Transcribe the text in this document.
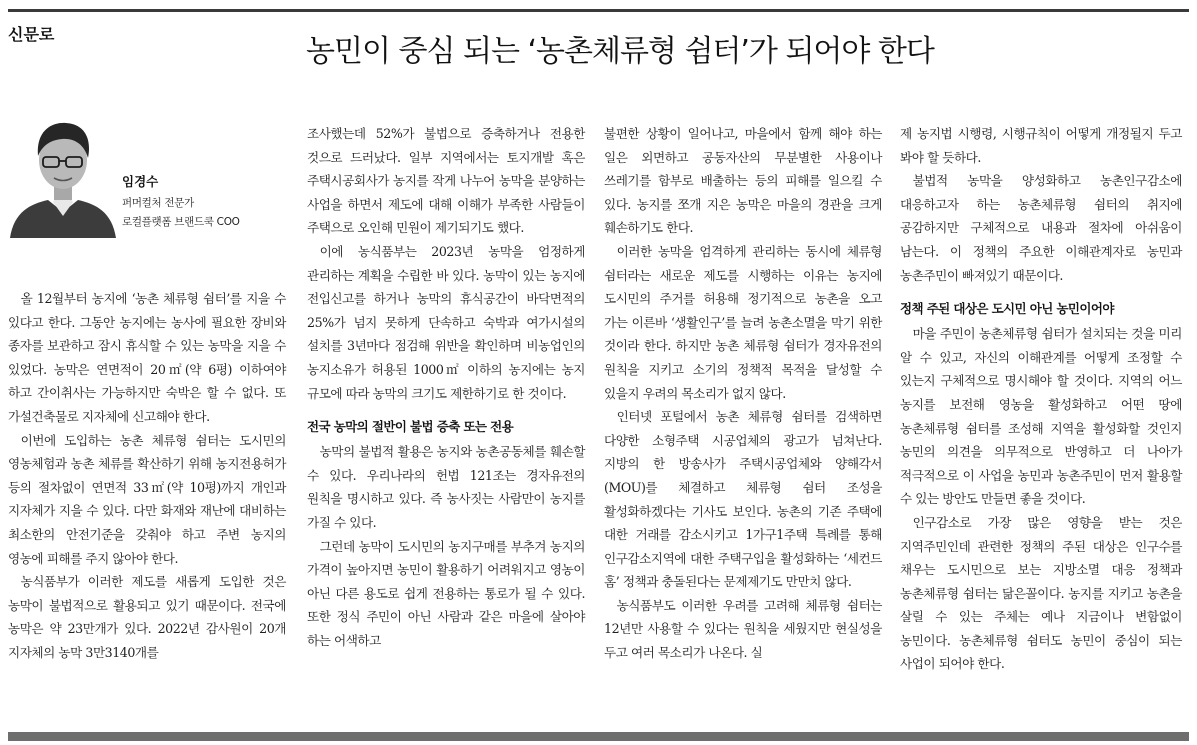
신문로	농민이 중심 되는 ‘농촌체류형 쉼터’가 되어야 한다
임경수
퍼머컬처 전문가
로컬플랫폼 브랜드쿡 COO

올 12월부터 농지에 ‘농촌 체류형 쉼터’를 지을 수 있다고 한다. 그동안 농지에는 농사에 필요한 장비와 종자를 보관하고 잠시 휴식할 수 있는 농막을 지을 수 있었다. 농막은 연면적이 20㎡(약 6평) 이하여야 하고 간이취사는 가능하지만 숙박은 할 수 없다. 또 가설건축물로 지자체에 신고해야 한다.

이번에 도입하는 농촌 체류형 쉼터는 도시민의 영농체험과 농촌 체류를 확산하기 위해 농지전용허가 등의 절차없이 연면적 33㎡(약 10평)까지 개인과 지자체가 지을 수 있다. 다만 화재와 재난에 대비하는 최소한의 안전기준을 갖춰야 하고 주변 농지의 영농에 피해를 주지 않아야 한다.

농식품부가 이러한 제도를 새롭게 도입한 것은 농막이 불법적으로 활용되고 있기 때문이다. 전국에 농막은 약 23만개가 있다. 2022년 감사원이 20개 지자체의 농막 3만3140개를

조사했는데 52%가 불법으로 증축하거나 전용한 것으로 드러났다. 일부 지역에서는 토지개발 혹은 주택시공회사가 농지를 작게 나누어 농막을 분양하는 사업을 하면서 제도에 대해 이해가 부족한 사람들이 주택으로 오인해 민원이 제기되기도 했다.

이에 농식품부는 2023년 농막을 엄정하게 관리하는 계획을 수립한 바 있다. 농막이 있는 농지에 전입신고를 하거나 농막의 휴식공간이 바닥면적의 25%가 넘지 못하게 단속하고 숙박과 여가시설의 설치를 3년마다 점검해 위반을 확인하며 비농업인의 농지소유가 허용된 1000㎡ 이하의 농지에는 농지 규모에 따라 농막의 크기도 제한하기로 한 것이다.

전국 농막의 절반이 불법 증축 또는 전용

농막의 불법적 활용은 농지와 농촌공동체를 훼손할 수 있다. 우리나라의 헌법 121조는 경자유전의 원칙을 명시하고 있다. 즉 농사짓는 사람만이 농지를 가질 수 있다.

그런데 농막이 도시민의 농지구매를 부추겨 농지의 가격이 높아지면 농민이 활용하기 어려워지고 영농이 아닌 다른 용도로 쉽게 전용하는 통로가 될 수 있다. 또한 정식 주민이 아닌 사람과 같은 마을에 살아야 하는 어색하고

불편한 상황이 일어나고, 마을에서 함께 해야 하는 일은 외면하고 공동자산의 무분별한 사용이나 쓰레기를 함부로 배출하는 등의 피해를 일으킬 수 있다. 농지를 쪼개 지은 농막은 마을의 경관을 크게 훼손하기도 한다.

이러한 농막을 엄격하게 관리하는 동시에 체류형 쉼터라는 새로운 제도를 시행하는 이유는 농지에 도시민의 주거를 허용해 정기적으로 농촌을 오고 가는 이른바 ‘생활인구’를 늘려 농촌소멸을 막기 위한 것이라 한다. 하지만 농촌 체류형 쉼터가 경자유전의 원칙을 지키고 소기의 정책적 목적을 달성할 수 있을지 우려의 목소리가 없지 않다.

인터넷 포털에서 농촌 체류형 쉼터를 검색하면 다양한 소형주택 시공업체의 광고가 넘쳐난다. 지방의 한 방송사가 주택시공업체와 양해각서(MOU)를 체결하고 체류형 쉼터 조성을 활성화하겠다는 기사도 보인다. 농촌의 기존 주택에 대한 거래를 감소시키고 1가구1주택 특례를 통해 인구감소지역에 대한 주택구입을 활성화하는 ‘세컨드 홈’ 정책과 충돌된다는 문제제기도 만만치 않다.

농식품부도 이러한 우려를 고려해 체류형 쉼터는 12년만 사용할 수 있다는 원칙을 세웠지만 현실성을 두고 여러 목소리가 나온다. 실

제 농지법 시행령, 시행규칙이 어떻게 개정될지 두고 봐야 할 듯하다.

불법적 농막을 양성화하고 농촌인구감소에 대응하고자 하는 농촌체류형 쉼터의 취지에 공감하지만 구체적으로 내용과 절차에 아쉬움이 남는다. 이 정책의 주요한 이해관계자로 농민과 농촌주민이 빠져있기 때문이다.

정책 주된 대상은 도시민 아닌 농민이어야

마을 주민이 농촌체류형 쉼터가 설치되는 것을 미리 알 수 있고, 자신의 이해관계를 어떻게 조정할 수 있는지 구체적으로 명시해야 할 것이다. 지역의 어느 농지를 보전해 영농을 활성화하고 어떤 땅에 농촌체류형 쉼터를 조성해 지역을 활성화할 것인지 농민의 의견을 의무적으로 반영하고 더 나아가 적극적으로 이 사업을 농민과 농촌주민이 먼저 활용할 수 있는 방안도 만들면 좋을 것이다.

인구감소로 가장 많은 영향을 받는 것은 지역주민인데 관련한 정책의 주된 대상은 인구수를 채우는 도시민으로 보는 지방소멸 대응 정책과 농촌체류형 쉼터는 닮은꼴이다. 농지를 지키고 농촌을 살릴 수 있는 주체는 예나 지금이나 변함없이 농민이다. 농촌체류형 쉼터도 농민이 중심이 되는 사업이 되어야 한다.
